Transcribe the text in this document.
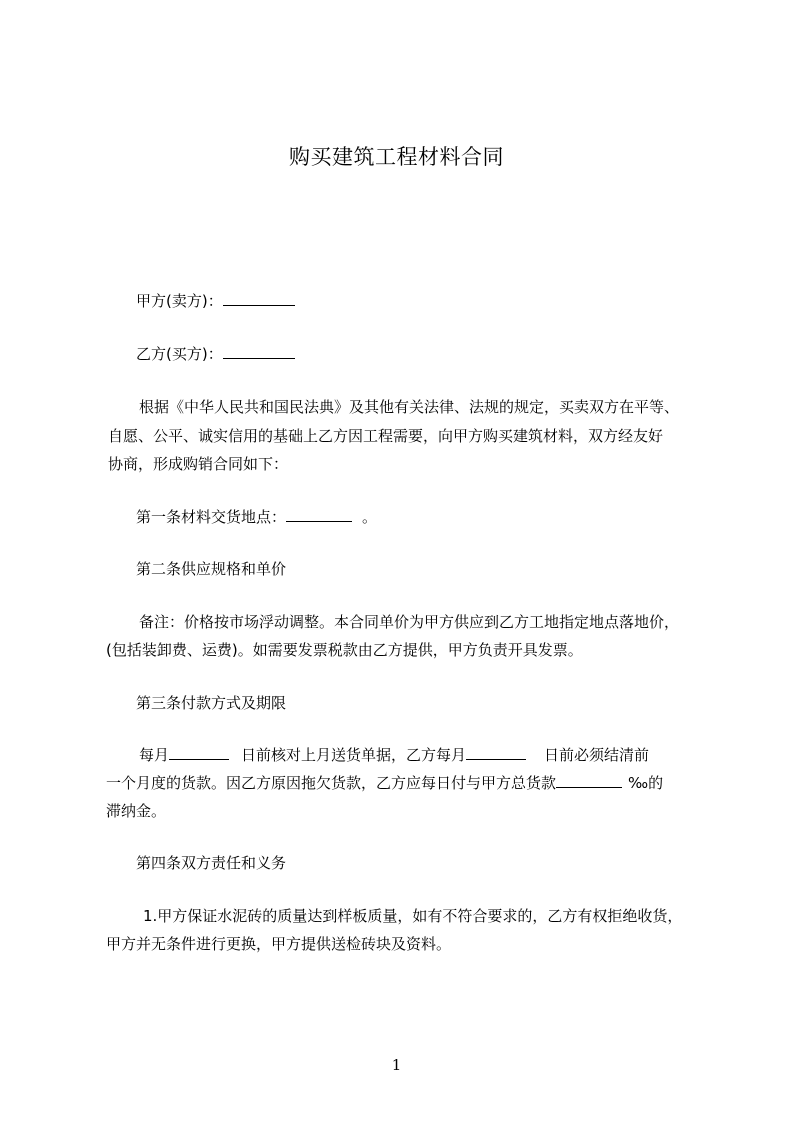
购买建筑工程材料合同
甲方(卖方)：
乙方(买方)：
根据《中华人民共和国民法典》及其他有关法律、法规的规定，买卖双方在平等、
自愿、公平、诚实信用的基础上乙方因工程需要，向甲方购买建筑材料，双方经友好
协商，形成购销合同如下：
第一条材料交货地点：	。
第二条供应规格和单价
备注：价格按市场浮动调整。本合同单价为甲方供应到乙方工地指定地点落地价，
(包括装卸费、运费)。如需要发票税款由乙方提供，甲方负责开具发票。
第三条付款方式及期限
每月	日前核对上月送货单据，乙方每月	日前必须结清前
一个月度的货款。因乙方原因拖欠货款，乙方应每日付与甲方总货款	‰的
滞纳金。
第四条双方责任和义务
1.甲方保证水泥砖的质量达到样板质量，如有不符合要求的，乙方有权拒绝收货，
甲方并无条件进行更换，甲方提供送检砖块及资料。
1
